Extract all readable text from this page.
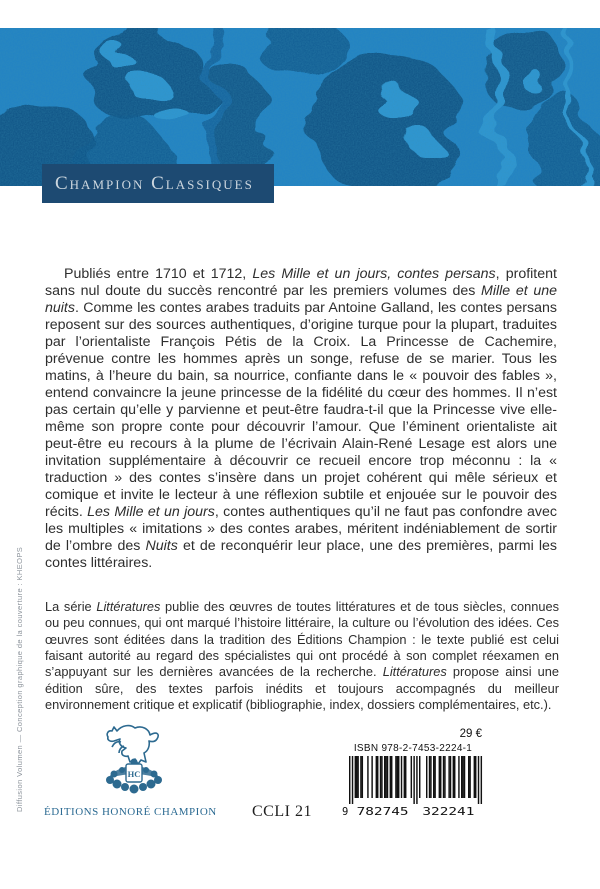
Champion Classiques

Publiés entre 1710 et 1712, Les Mille et un jours, contes persans, profitent sans nul doute du succès rencontré par les premiers volumes des Mille et une nuits. Comme les contes arabes traduits par Antoine Galland, les contes persans reposent sur des sources authentiques, d’origine turque pour la plupart, traduites par l’orientaliste François Pétis de la Croix. La Princesse de Cachemire, prévenue contre les hommes après un songe, refuse de se marier. Tous les matins, à l’heure du bain, sa nourrice, confiante dans le « pouvoir des fables », entend convaincre la jeune princesse de la fidélité du cœur des hommes. Il n’est pas certain qu’elle y parvienne et peut-être faudra-t-il que la Princesse vive elle-même son propre conte pour découvrir l’amour. Que l’éminent orientaliste ait peut-être eu recours à la plume de l’écrivain Alain-René Lesage est alors une invitation supplémentaire à découvrir ce recueil encore trop méconnu : la « traduction » des contes s’insère dans un projet cohérent qui mêle sérieux et comique et invite le lecteur à une réflexion subtile et enjouée sur le pouvoir des récits. Les Mille et un jours, contes authentiques qu’il ne faut pas confondre avec les multiples « imitations » des contes arabes, méritent indéniablement de sortir de l’ombre des Nuits et de reconquérir leur place, une des premières, parmi les contes littéraires.

La série Littératures publie des œuvres de toutes littératures et de tous siècles, connues ou peu connues, qui ont marqué l’histoire littéraire, la culture ou l’évolution des idées. Ces œuvres sont éditées dans la tradition des Éditions Champion : le texte publié est celui faisant autorité au regard des spécialistes qui ont procédé à son complet réexamen en s’appuyant sur les dernières avancées de la recherche. Littératures propose ainsi une édition sûre, des textes parfois inédits et toujours accompagnés du meilleur environnement critique et explicatif (bibliographie, index, dossiers complémentaires, etc.).

Diffusion Volumen — Conception graphique de la couverture : KHEOPS	HC
ÉDITIONS HONORÉ CHAMPION CCLI 21
29 €
ISBN 978-2-7453-2224-1
9 782745 322241
